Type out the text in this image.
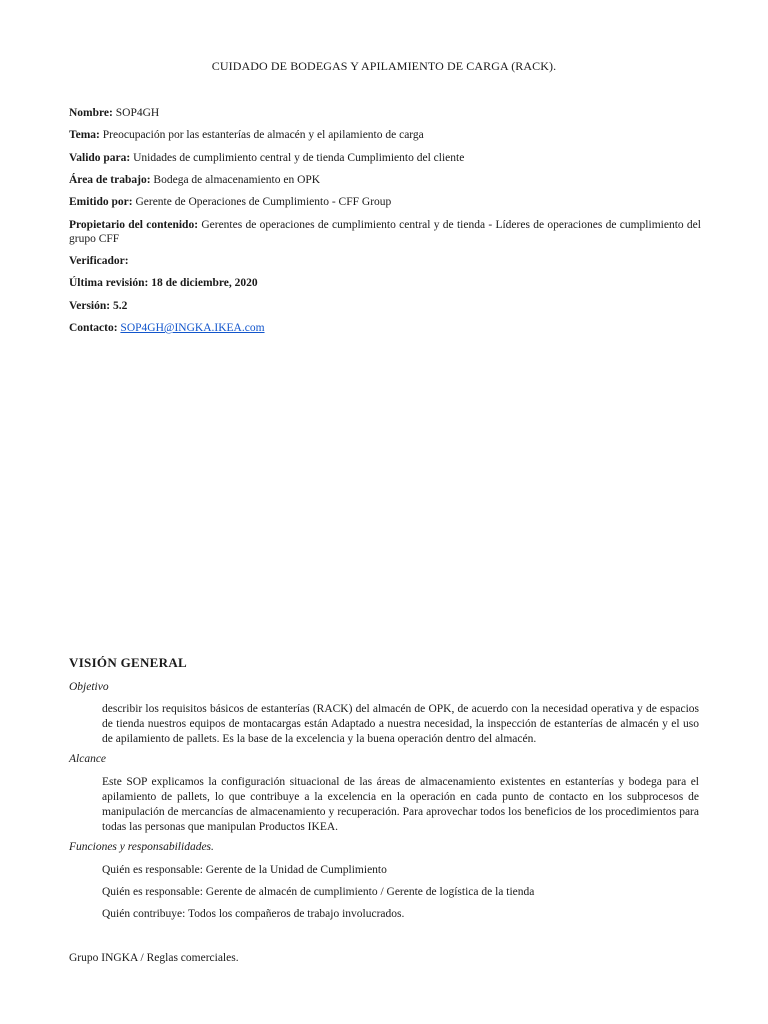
CUIDADO DE BODEGAS Y APILAMIENTO DE CARGA (RACK).
Nombre: SOP4GH
Tema: Preocupación por las estanterías de almacén y el apilamiento de carga
Valido para: Unidades de cumplimiento central y de tienda Cumplimiento del cliente
Área de trabajo: Bodega de almacenamiento en OPK
Emitido por: Gerente de Operaciones de Cumplimiento - CFF Group
Propietario del contenido: Gerentes de operaciones de cumplimiento central y de tienda - Líderes de operaciones de cumplimiento del grupo CFF
Verificador:
Última revisión: 18 de diciembre, 2020
Versión: 5.2
Contacto: SOP4GH@INGKA.IKEA.com
VISIÓN GENERAL
Objetivo
describir los requisitos básicos de estanterías (RACK) del almacén de OPK, de acuerdo con la necesidad operativa y de espacios de tienda nuestros equipos de montacargas están Adaptado a nuestra necesidad, la inspección de estanterías de almacén y el uso de apilamiento de pallets. Es la base de la excelencia y la buena operación dentro del almacén.
Alcance
Este SOP explicamos la configuración situacional de las áreas de almacenamiento existentes en estanterías y bodega para el apilamiento de pallets, lo que contribuye a la excelencia en la operación en cada punto de contacto en los subprocesos de manipulación de mercancías de almacenamiento y recuperación. Para aprovechar todos los beneficios de los procedimientos para todas las personas que manipulan Productos IKEA.
Funciones y responsabilidades.
Quién es responsable: Gerente de la Unidad de Cumplimiento
Quién es responsable: Gerente de almacén de cumplimiento / Gerente de logística de la tienda
Quién contribuye: Todos los compañeros de trabajo involucrados.
Grupo INGKA / Reglas comerciales.
